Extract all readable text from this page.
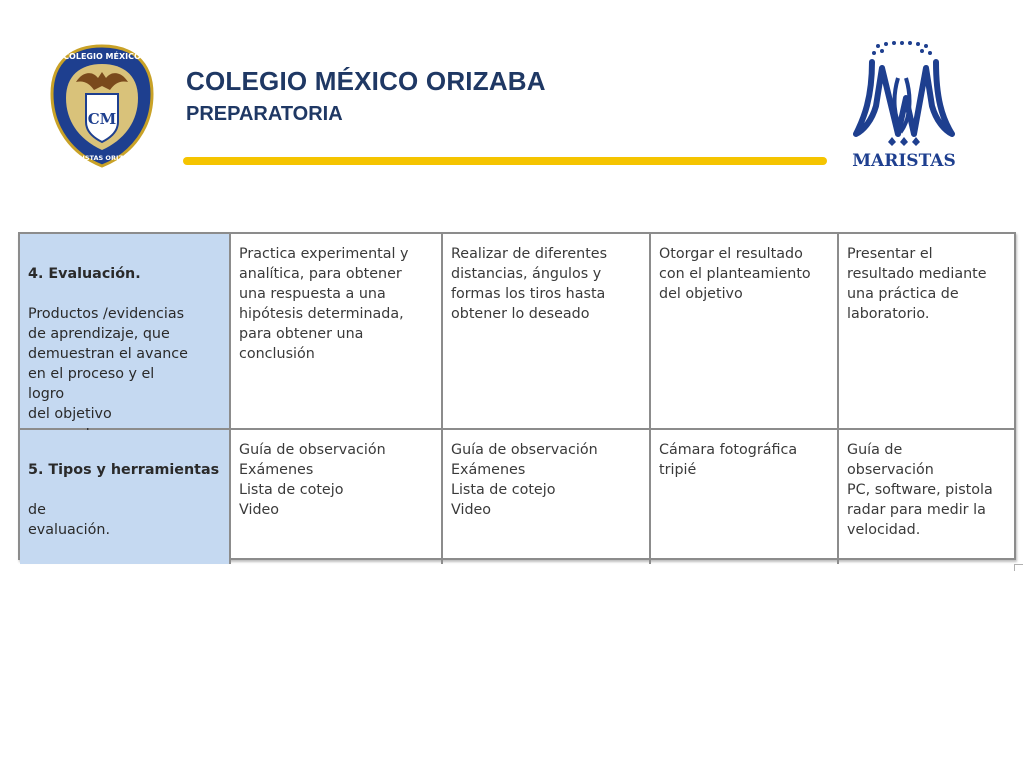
CM
COLEGIO MÉXICO
MARISTAS ORIZABA
COLEGIO MÉXICO ORIZABA
PREPARATORIA
MARISTAS

4. Evaluación.

Productos /evidencias
de aprendizaje, que
demuestran el avance
en el proceso y el
logro
del objetivo

Practica experimental y
analítica, para obtener
una respuesta a una
hipótesis determinada,
para obtener una
conclusión
Realizar de diferentes
distancias, ángulos y
formas los tiros hasta
obtener lo deseado
Otorgar el resultado
con el planteamiento
del objetivo
Presentar el
resultado mediante
una práctica de
laboratorio.

5. Tipos y herramientas

de
evaluación.

Guía de observación
Exámenes
Lista de cotejo
Video
Guía de observación
Exámenes
Lista de cotejo
Video
Cámara fotográfica
tripié
Guía de
observación
PC, software, pistola
radar para medir la
velocidad.
